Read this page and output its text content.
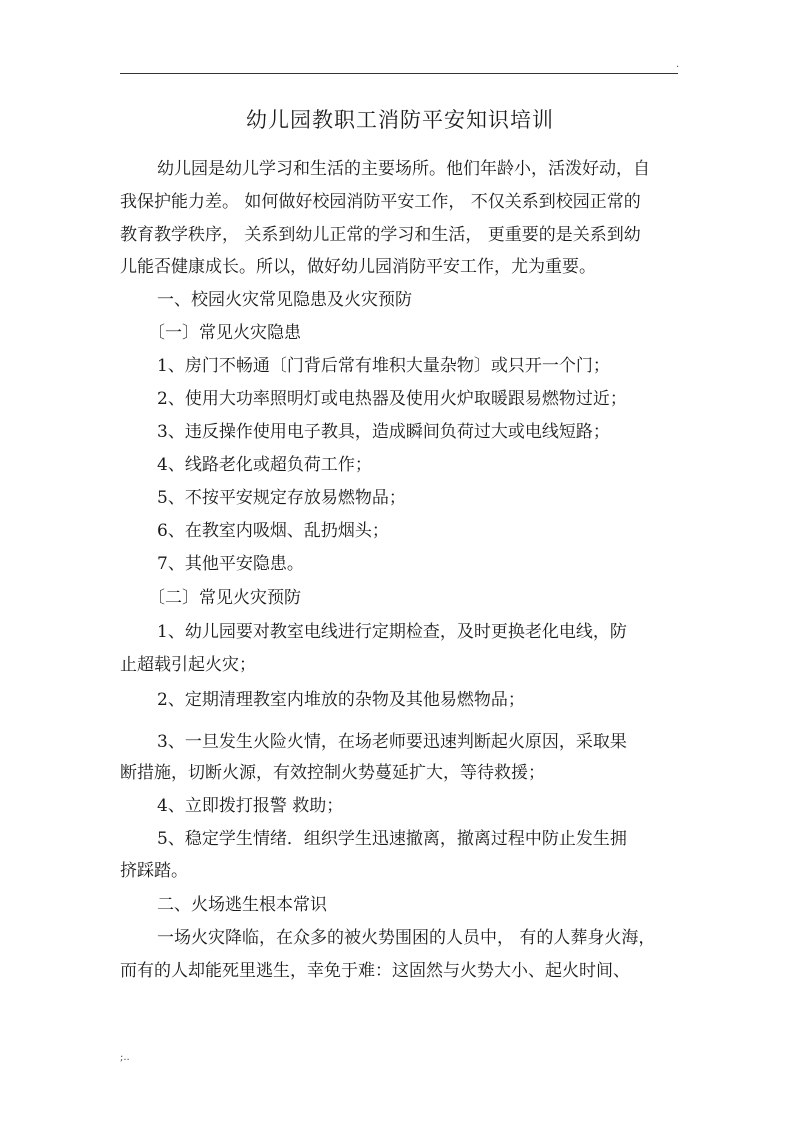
·
幼儿园教职工消防平安知识培训
幼儿园是幼儿学习和生活的主要场所。他们年龄小，活泼好动，自
我保护能力差。 如何做好校园消防平安工作， 不仅关系到校园正常的
教育教学秩序， 关系到幼儿正常的学习和生活， 更重要的是关系到幼
儿能否健康成长。所以，做好幼儿园消防平安工作，尤为重要。
一、校园火灾常见隐患及火灾预防
〔一〕常见火灾隐患
1、房门不畅通〔门背后常有堆积大量杂物〕或只开一个门；
2、使用大功率照明灯或电热器及使用火炉取暖跟易燃物过近；
3、违反操作使用电子教具，造成瞬间负荷过大或电线短路；
4、线路老化或超负荷工作；
5、不按平安规定存放易燃物品；
6、在教室内吸烟、乱扔烟头；
7、其他平安隐患。
〔二〕常见火灾预防
1、幼儿园要对教室电线进行定期检查，及时更换老化电线，防
止超载引起火灾；
2、定期清理教室内堆放的杂物及其他易燃物品；
3、一旦发生火险火情，在场老师要迅速判断起火原因，采取果
断措施，切断火源，有效控制火势蔓延扩大，等待救援；
4、立即拨打报警 救助；
5、稳定学生情绪．组织学生迅速撤离，撤离过程中防止发生拥
挤踩踏。
二、火场逃生根本常识
一场火灾降临，在众多的被火势围困的人员中， 有的人葬身火海，
而有的人却能死里逃生，幸免于难：这固然与火势大小、起火时间、
;..
